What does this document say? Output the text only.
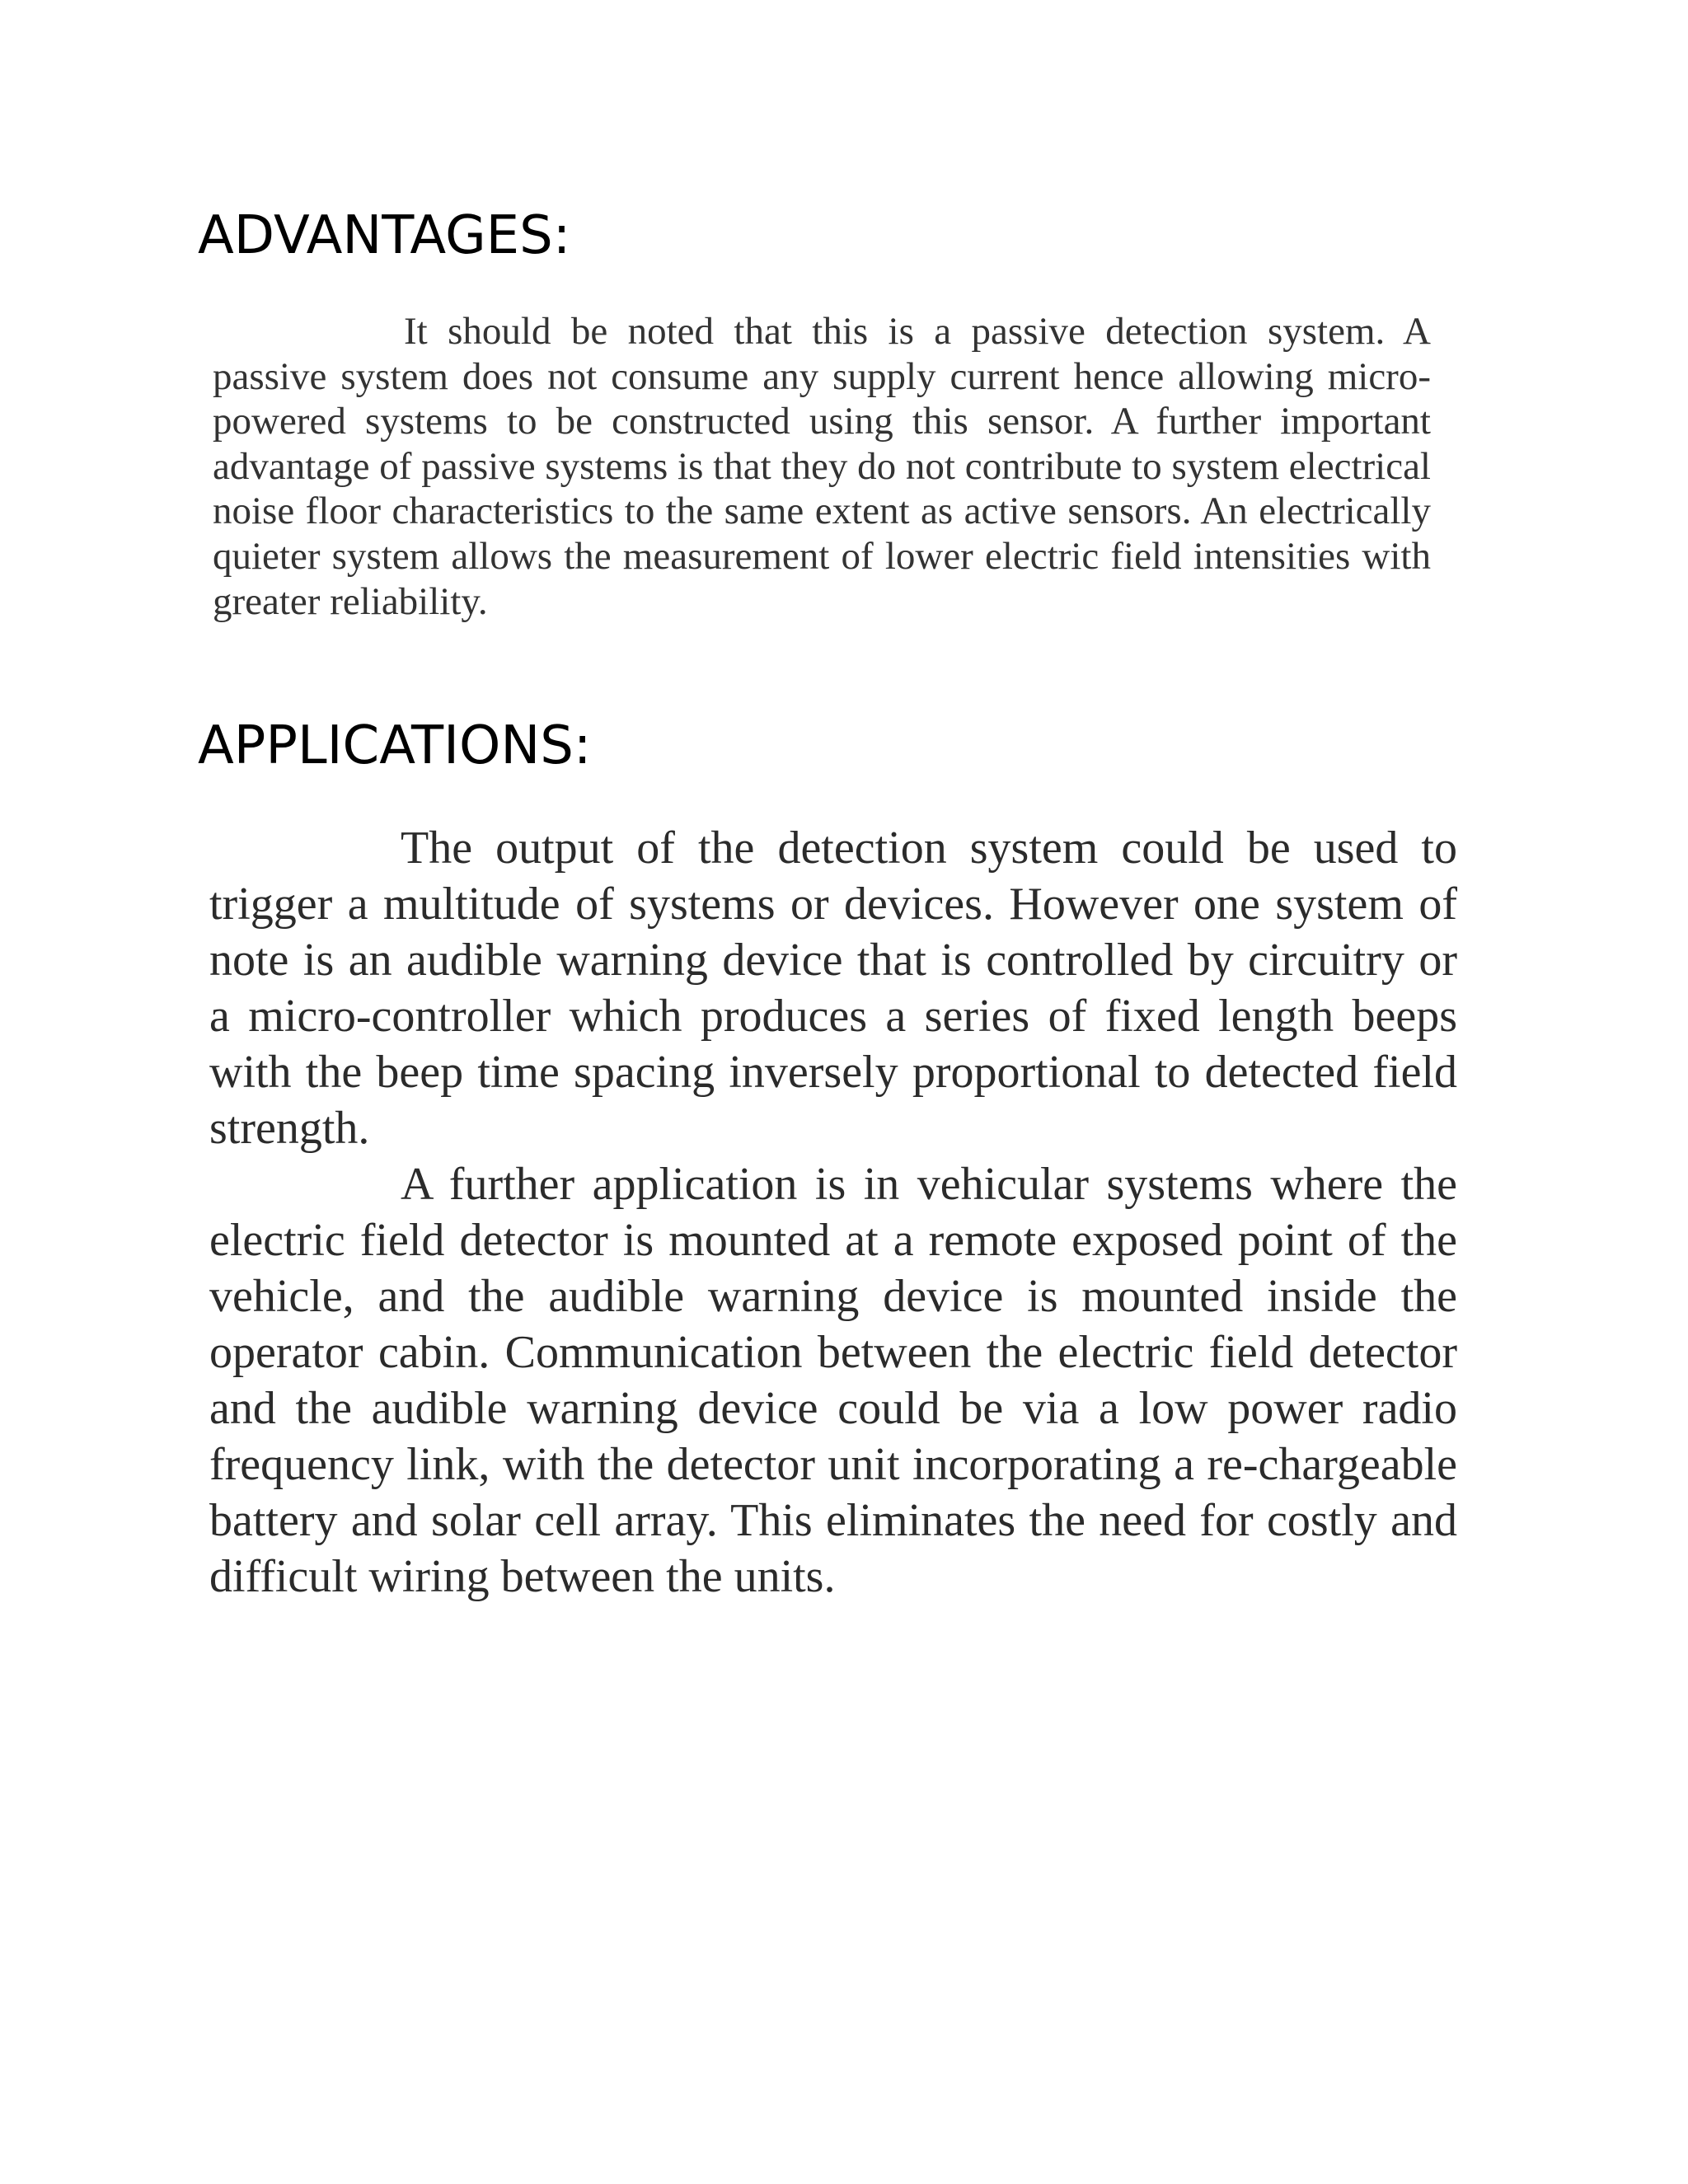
ADVANTAGES:

It should be noted that this is a passive detection system. A passive system does not consume any supply current hence allowing micro-powered systems to be constructed using this sensor. A further important advantage of passive systems is that they do not contribute to system electrical noise floor characteristics to the same extent as active sensors. An electrically quieter system allows the measurement of lower electric field intensities with greater reliability.

APPLICATIONS:

The output of the detection system could be used to trigger a multitude of systems or devices. However one system of note is an audible warning device that is controlled by circuitry or a micro-controller which produces a series of fixed length beeps with the beep time spacing inversely proportional to detected field strength.

A further application is in vehicular systems where the electric field detector is mounted at a remote exposed point of the vehicle, and the audible warning device is mounted inside the operator cabin. Communication between the electric field detector and the audible warning device could be via a low power radio frequency link, with the detector unit incorporating a re-chargeable battery and solar cell array. This eliminates the need for costly and difficult wiring between the units.
